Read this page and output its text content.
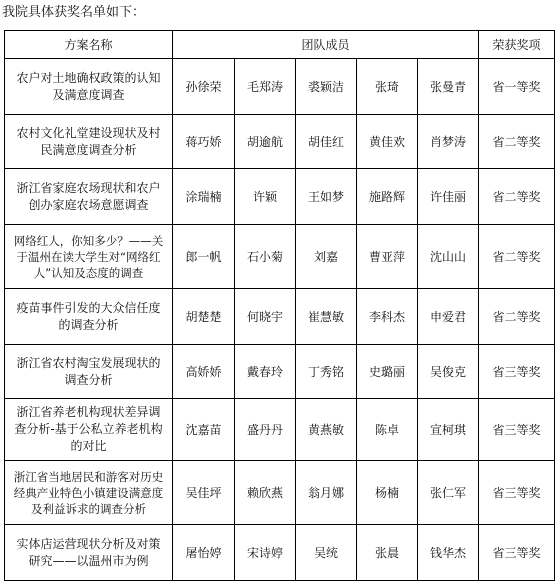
我院具体获奖名单如下：
方案名称	团队成员					荣获奖项
农户对土地确权政策的认知及满意度调查	孙徐荣	毛郑涛	裘颖洁	张琦	张曼青	省一等奖
农村文化礼堂建设现状及村民满意度调查分析	蒋巧娇	胡逾航	胡佳红	黄佳欢	肖梦涛	省二等奖
浙江省家庭农场现状和农户创办家庭农场意愿调查	涂瑞楠	许颖	王如梦	施路辉	许佳丽	省二等奖
网络红人，你知多少？——关于温州在读大学生对“网络红人”认知及态度的调查	郎一帆	石小菊	刘嘉	曹亚萍	沈山山	省二等奖
疫苗事件引发的大众信任度的调查分析	胡楚楚	何晓宇	崔慧敏	李科杰	申爱君	省二等奖
浙江省农村淘宝发展现状的调查分析	高娇娇	戴春玲	丁秀铭	史璐丽	吴俊克	省三等奖
浙江省养老机构现状差异调查分析-基于公私立养老机构的对比	沈嘉苗	盛丹丹	黄燕敏	陈卓	宣柯琪	省三等奖
浙江省当地居民和游客对历史经典产业特色小镇建设满意度及利益诉求的调查分析	吴佳坪	赖欣燕	翁月娜	杨楠	张仁军	省三等奖
实体店运营现状分析及对策研究——以温州市为例	屠怡婷	宋诗婷	吴统	张晨	钱华杰	省三等奖
